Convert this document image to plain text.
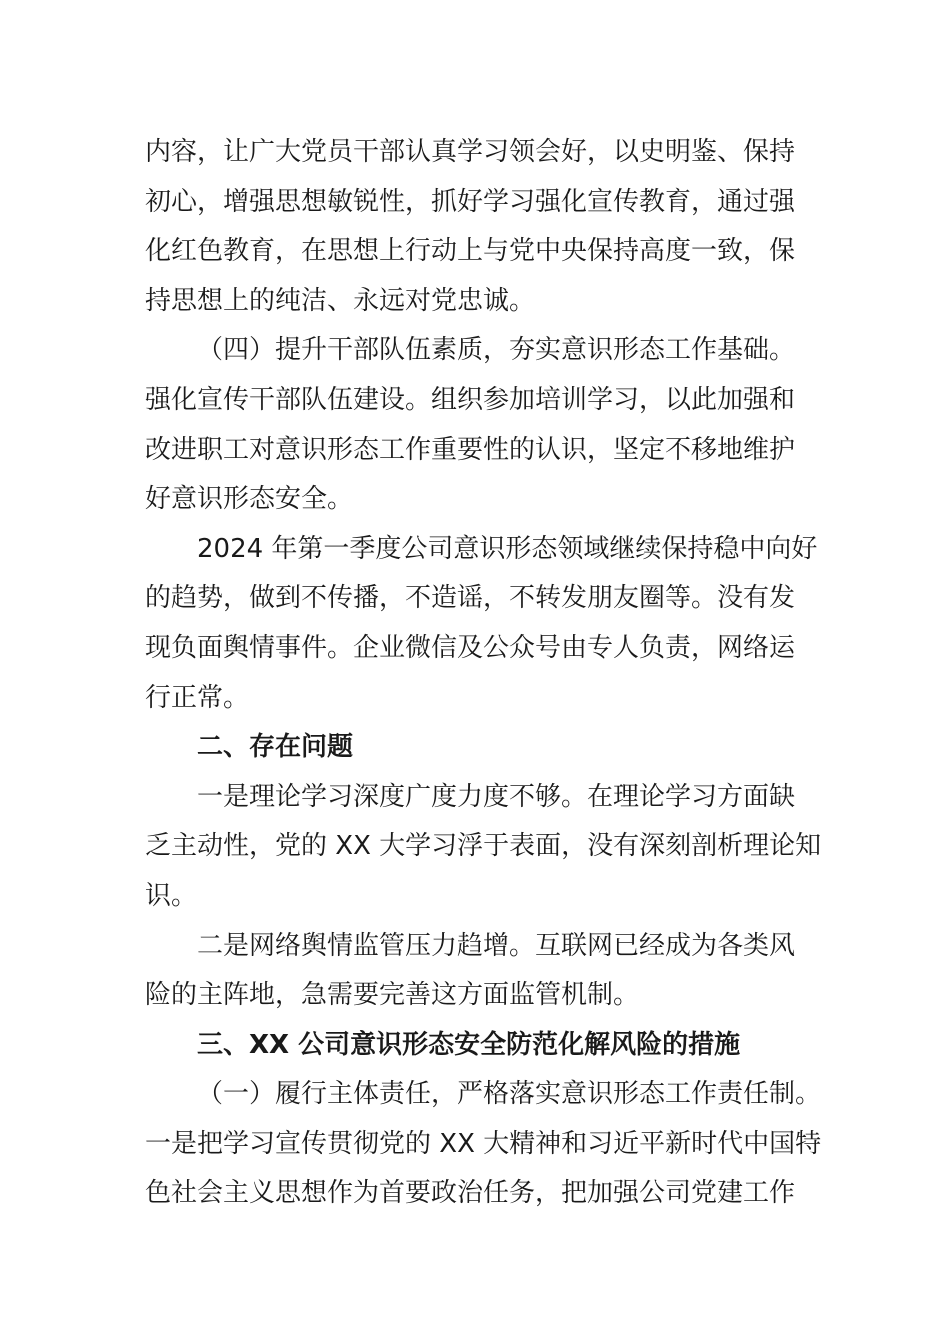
内容，让广大党员干部认真学习领会好，以史明鉴、保持
初心，增强思想敏锐性，抓好学习强化宣传教育，通过强
化红色教育，在思想上行动上与党中央保持高度一致，保
持思想上的纯洁、永远对党忠诚。

（四）提升干部队伍素质，夯实意识形态工作基础。
强化宣传干部队伍建设。组织参加培训学习，以此加强和
改进职工对意识形态工作重要性的认识，坚定不移地维护
好意识形态安全。

2024 年第一季度公司意识形态领域继续保持稳中向好
的趋势，做到不传播，不造谣，不转发朋友圈等。没有发
现负面舆情事件。企业微信及公众号由专人负责，网络运
行正常。

二、存在问题

一是理论学习深度广度力度不够。在理论学习方面缺
乏主动性，党的 XX 大学习浮于表面，没有深刻剖析理论知
识。

二是网络舆情监管压力趋增。互联网已经成为各类风
险的主阵地，急需要完善这方面监管机制。

三、XX 公司意识形态安全防范化解风险的措施

（一）履行主体责任，严格落实意识形态工作责任制。
一是把学习宣传贯彻党的 XX 大精神和习近平新时代中国特
色社会主义思想作为首要政治任务，把加强公司党建工作
